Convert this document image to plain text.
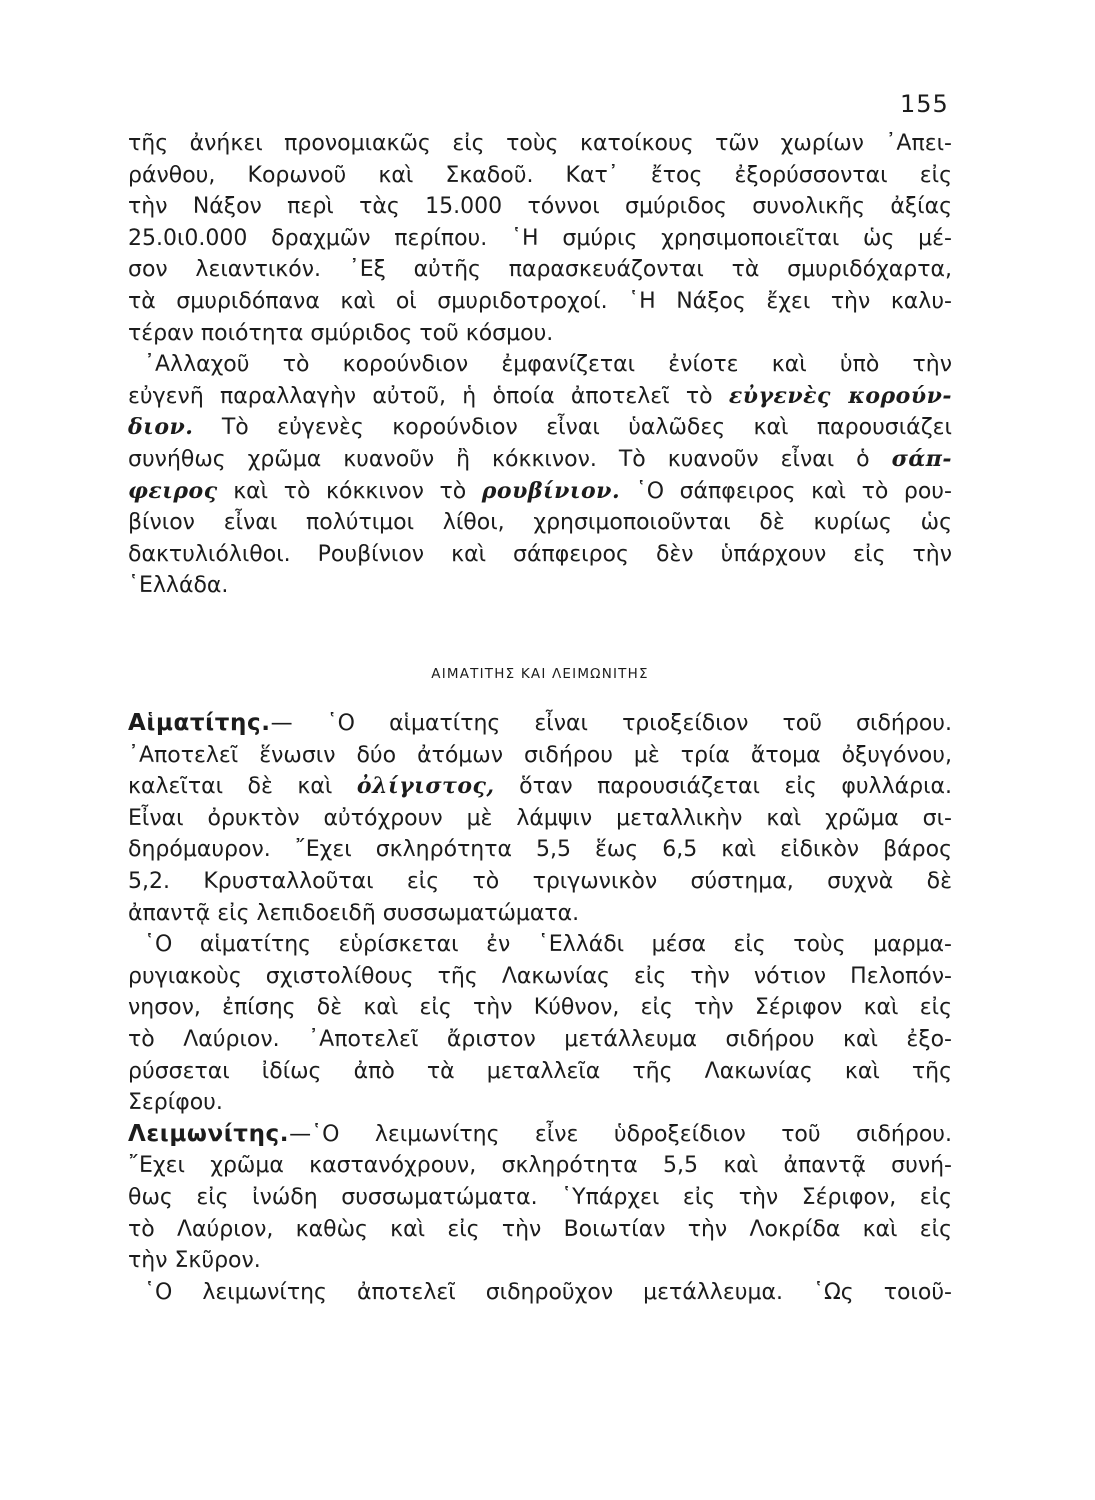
155

τῆς ἀνήκει προνομιακῶς εἰς τοὺς κατοίκους τῶν χωρίων ᾿Απει-
ράνθου, Κορωνοῦ καὶ Σκαδοῦ. Κατ᾿ ἔτος ἐξορύσσονται εἰς
τὴν Νάξον περὶ τὰς 15.000 τόννοι σμύριδος συνολικῆς ἀξίας
25.0ι0.000 δραχμῶν περίπου. ῾Η σμύρις χρησιμοποιεῖται ὡς μέ-
σον λειαντικόν. ᾿Εξ αὐτῆς παρασκευάζονται τὰ σμυριδόχαρτα,
τὰ σμυριδόπανα καὶ οἱ σμυριδοτροχοί. ῾Η Νάξος ἔχει τὴν καλυ-
τέραν ποιότητα σμύριδος τοῦ κόσμου.

᾿Αλλαχοῦ τὸ κορούνδιον ἐμφανίζεται ἐνίοτε καὶ ὑπὸ τὴν
εὐγενῆ παραλλαγὴν αὐτοῦ, ἡ ὁποία ἀποτελεῖ τὸ εὐγενὲς κορούν-
διον. Τὸ εὐγενὲς κορούνδιον εἶναι ὑαλῶδες καὶ παρουσιάζει
συνήθως χρῶμα κυανοῦν ἢ κόκκινον. Τὸ κυανοῦν εἶναι ὁ σάπ-
φειρος καὶ τὸ κόκκινον τὸ ρουβίνιον. ῾Ο σάπφειρος καὶ τὸ ρου-
βίνιον εἶναι πολύτιμοι λίθοι, χρησιμοποιοῦνται δὲ κυρίως ὡς
δακτυλιόλιθοι. Ρουβίνιον καὶ σάπφειρος δὲν ὑπάρχουν εἰς τὴν
῾Ελλάδα.

ΑΙΜΑΤΙΤΗΣ ΚΑΙ ΛΕΙΜΩΝΙΤΗΣ

Αἱματίτης.— ῾Ο αἱματίτης εἶναι τριοξείδιον τοῦ σιδήρου.
᾿Αποτελεῖ ἕνωσιν δύο ἀτόμων σιδήρου μὲ τρία ἄτομα ὀξυγόνου,
καλεῖται δὲ καὶ ὀλίγιστος, ὅταν παρουσιάζεται εἰς φυλλάρια.
Εἶναι ὀρυκτὸν αὐτόχρουν μὲ λάμψιν μεταλλικὴν καὶ χρῶμα σι-
δηρόμαυρον. ῎Εχει σκληρότητα 5,5 ἕως 6,5 καὶ εἰδικὸν βάρος
5,2. Κρυσταλλοῦται εἰς τὸ τριγωνικὸν σύστημα, συχνὰ δὲ
ἀπαντᾷ εἰς λεπιδοειδῆ συσσωματώματα.

῾Ο αἱματίτης εὑρίσκεται ἐν ῾Ελλάδι μέσα εἰς τοὺς μαρμα-
ρυγιακοὺς σχιστολίθους τῆς Λακωνίας εἰς τὴν νότιον Πελοπόν-
νησον, ἐπίσης δὲ καὶ εἰς τὴν Κύθνον, εἰς τὴν Σέριφον καὶ εἰς
τὸ Λαύριον. ᾿Αποτελεῖ ἄριστον μετάλλευμα σιδήρου καὶ ἐξο-
ρύσσεται ἰδίως ἀπὸ τὰ μεταλλεῖα τῆς Λακωνίας καὶ τῆς
Σερίφου.

Λειμωνίτης.—῾Ο λειμωνίτης εἶνε ὑδροξείδιον τοῦ σιδήρου.
῎Εχει χρῶμα καστανόχρουν, σκληρότητα 5,5 καὶ ἀπαντᾷ συνή-
θως εἰς ἰνώδη συσσωματώματα. ῾Υπάρχει εἰς τὴν Σέριφον, εἰς
τὸ Λαύριον, καθὼς καὶ εἰς τὴν Βοιωτίαν τὴν Λοκρίδα καὶ εἰς
τὴν Σκῦρον.

῾Ο λειμωνίτης ἀποτελεῖ σιδηροῦχον μετάλλευμα. ῾Ως τοιοῦ-
